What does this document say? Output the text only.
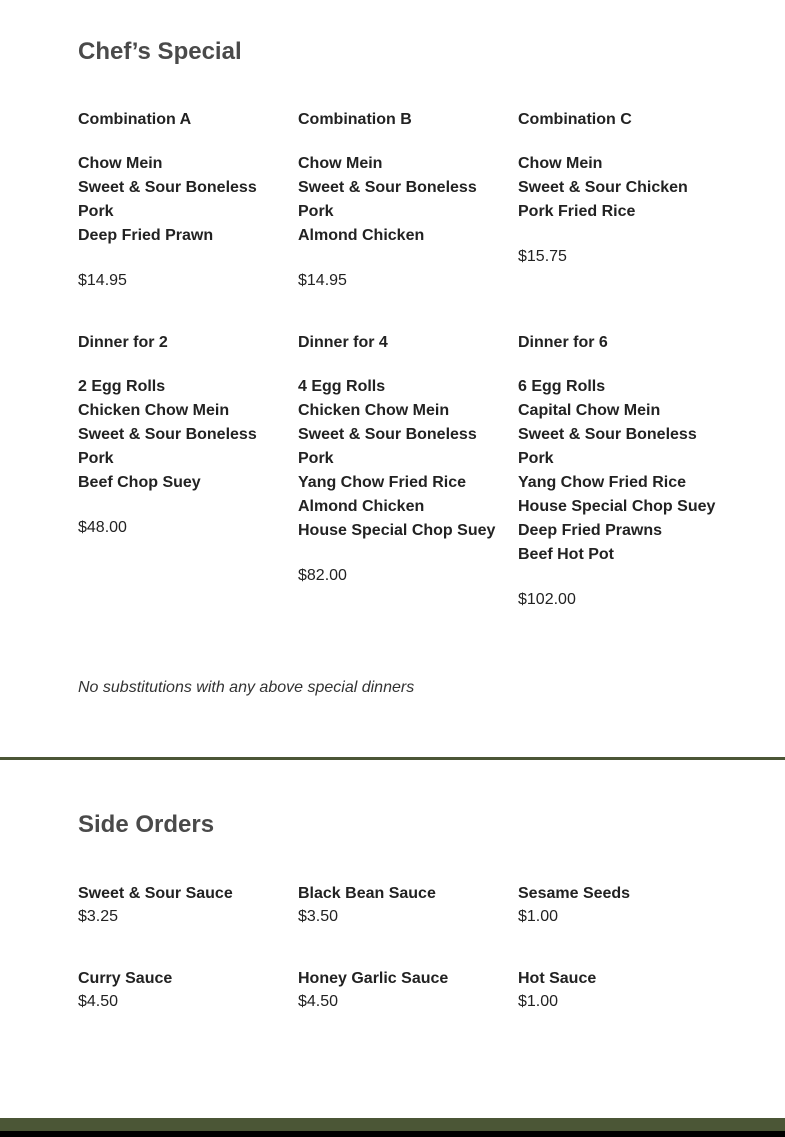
Chef’s Special
Combination A
Chow Mein
Sweet & Sour Boneless Pork
Deep Fried Prawn
$14.95
Combination B
Chow Mein
Sweet & Sour Boneless Pork
Almond Chicken
$14.95
Combination C
Chow Mein
Sweet & Sour Chicken
Pork Fried Rice
$15.75
Dinner for 2
2 Egg Rolls
Chicken Chow Mein
Sweet & Sour Boneless Pork
Beef Chop Suey
$48.00
Dinner for 4
4 Egg Rolls
Chicken Chow Mein
Sweet & Sour Boneless Pork
Yang Chow Fried Rice
Almond Chicken
House Special Chop Suey
$82.00
Dinner for 6
6 Egg Rolls
Capital Chow Mein
Sweet & Sour Boneless Pork
Yang Chow Fried Rice
House Special Chop Suey
Deep Fried Prawns
Beef Hot Pot
$102.00
No substitutions with any above special dinners
Side Orders
Sweet & Sour Sauce
$3.25
Black Bean Sauce
$3.50
Sesame Seeds
$1.00
Curry Sauce
$4.50
Honey Garlic Sauce
$4.50
Hot Sauce
$1.00
